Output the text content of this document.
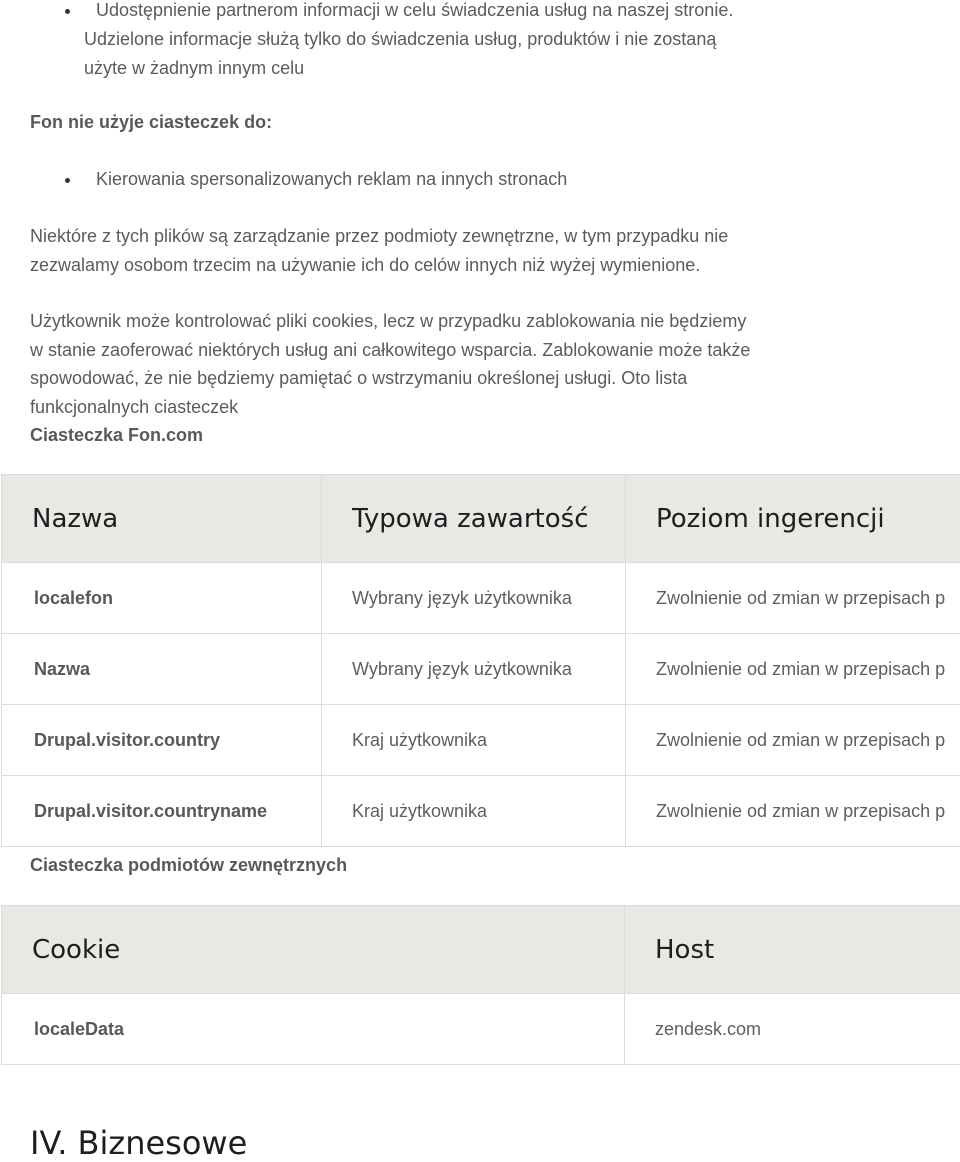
Udostępnienie partnerom informacji w celu świadczenia usług na naszej stronie.
Udzielone informacje służą tylko do świadczenia usług, produktów i nie zostaną
użyte w żadnym innym celu
Fon nie użyje ciasteczek do:
Kierowania spersonalizowanych reklam na innych stronach
Niektóre z tych plików są zarządzanie przez podmioty zewnętrzne, w tym przypadku nie
zezwalamy osobom trzecim na używanie ich do celów innych niż wyżej wymienione.
Użytkownik może kontrolować pliki cookies, lecz w przypadku zablokowania nie będziemy
w stanie zaoferować niektórych usług ani całkowitego wsparcia. Zablokowanie może także
spowodować, że nie będziemy pamiętać o wstrzymaniu określonej usługi. Oto lista
funkcjonalnych ciasteczek
Ciasteczka Fon.com
Nazwa	Typowa zawartość	Poziom ingerencji
localefon	Wybrany język użytkownika	Zwolnienie od zmian w przepisach p
Nazwa	Wybrany język użytkownika	Zwolnienie od zmian w przepisach p
Drupal.visitor.country	Kraj użytkownika	Zwolnienie od zmian w przepisach p
Drupal.visitor.countryname	Kraj użytkownika	Zwolnienie od zmian w przepisach p
Ciasteczka podmiotów zewnętrznych
Cookie	Host
localeData	zendesk.com
IV. Biznesowe
